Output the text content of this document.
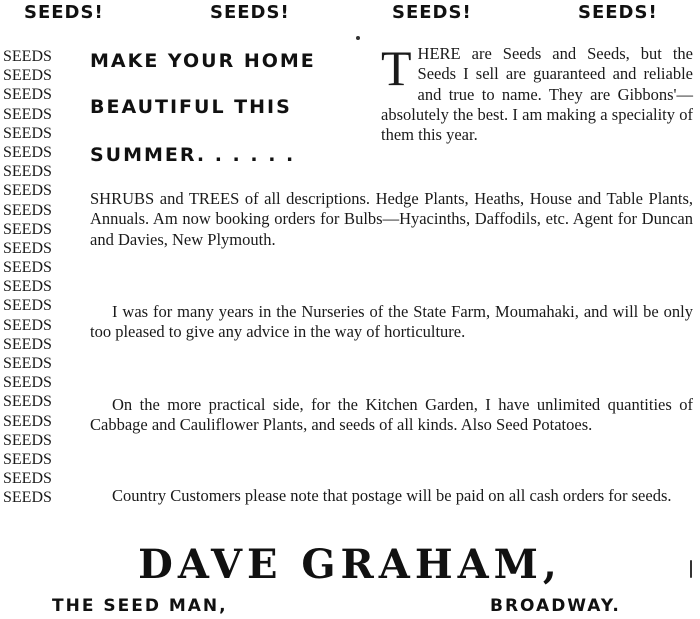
SEEDS!	SEEDS!	SEEDS!	SEEDS!
SEEDS
SEEDS
SEEDS
SEEDS
SEEDS
SEEDS
SEEDS
SEEDS
SEEDS
SEEDS
SEEDS
SEEDS
SEEDS
SEEDS
SEEDS
SEEDS
SEEDS
SEEDS
SEEDS
SEEDS
SEEDS
SEEDS
SEEDS
SEEDS
MAKE YOUR HOME
BEAUTIFUL THIS
SUMMER. . . . . .
T HERE are Seeds and Seeds, but the Seeds I sell are guaranteed and reliable and true to name. They are Gibbons'—absolutely the best. I am making a speciality of them this year.
SHRUBS and TREES of all descriptions. Hedge Plants, Heaths, House and Table Plants, Annuals. Am now booking orders for Bulbs—Hyacinths, Daffodils, etc. Agent for Duncan and Davies, New Plymouth.
I was for many years in the Nurseries of the State Farm, Moumahaki, and will be only too pleased to give any advice in the way of horticulture.
On the more practical side, for the Kitchen Garden, I have unlimited quantities of Cabbage and Cauliflower Plants, and seeds of all kinds. Also Seed Potatoes.
Country Customers please note that postage will be paid on all cash orders for seeds.
DAVE GRAHAM,
THE SEED MAN,	BROADWAY.
